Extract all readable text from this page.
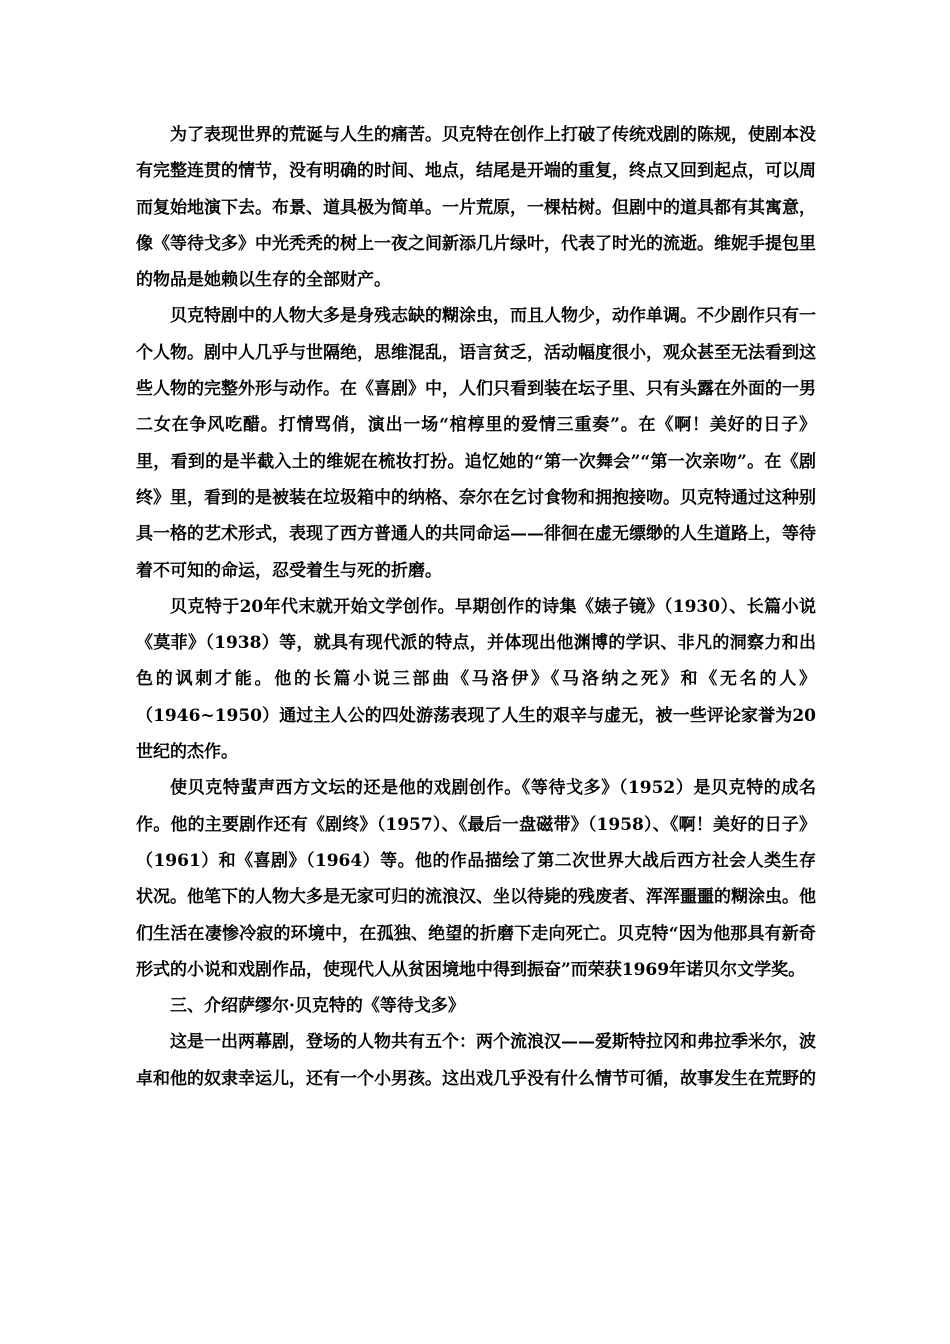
为了表现世界的荒诞与人生的痛苦。贝克特在创作上打破了传统戏剧的陈规，使剧本没有完整连贯的情节，没有明确的时间、地点，结尾是开端的重复，终点又回到起点，可以周而复始地演下去。布景、道具极为简单。一片荒原，一棵枯树。但剧中的道具都有其寓意，像《等待戈多》中光秃秃的树上一夜之间新添几片绿叶，代表了时光的流逝。维妮手提包里的物品是她赖以生存的全部财产。

贝克特剧中的人物大多是身残志缺的糊涂虫，而且人物少，动作单调。不少剧作只有一个人物。剧中人几乎与世隔绝，思维混乱，语言贫乏，活动幅度很小，观众甚至无法看到这些人物的完整外形与动作。在《喜剧》中，人们只看到装在坛子里、只有头露在外面的一男二女在争风吃醋。打情骂俏，演出一场“棺椁里的爱情三重奏”。在《啊！美好的日子》里，看到的是半截入土的维妮在梳妆打扮。追忆她的“第一次舞会”“第一次亲吻”。在《剧终》里，看到的是被装在垃圾箱中的纳格、奈尔在乞讨食物和拥抱接吻。贝克特通过这种别具一格的艺术形式，表现了西方普通人的共同命运——徘徊在虚无缥缈的人生道路上，等待着不可知的命运，忍受着生与死的折磨。

贝克特于20年代末就开始文学创作。早期创作的诗集《婊子镜》（1930）、长篇小说《莫菲》（1938）等，就具有现代派的特点，并体现出他渊博的学识、非凡的洞察力和出色的讽刺才能。他的长篇小说三部曲《马洛伊》《马洛纳之死》和《无名的人》（1946~1950）通过主人公的四处游荡表现了人生的艰辛与虚无，被一些评论家誉为20世纪的杰作。

使贝克特蜚声西方文坛的还是他的戏剧创作。《等待戈多》（1952）是贝克特的成名作。他的主要剧作还有《剧终》（1957）、《最后一盘磁带》（1958）、《啊！美好的日子》（1961）和《喜剧》（1964）等。他的作品描绘了第二次世界大战后西方社会人类生存状况。他笔下的人物大多是无家可归的流浪汉、坐以待毙的残废者、浑浑噩噩的糊涂虫。他们生活在凄惨冷寂的环境中，在孤独、绝望的折磨下走向死亡。贝克特“因为他那具有新奇形式的小说和戏剧作品，使现代人从贫困境地中得到振奋”而荣获1969年诺贝尔文学奖。

三、介绍萨缪尔·贝克特的《等待戈多》

这是一出两幕剧，登场的人物共有五个：两个流浪汉——爱斯特拉冈和弗拉季米尔，波卓和他的奴隶幸运儿，还有一个小男孩。这出戏几乎没有什么情节可循，故事发生在荒野的
